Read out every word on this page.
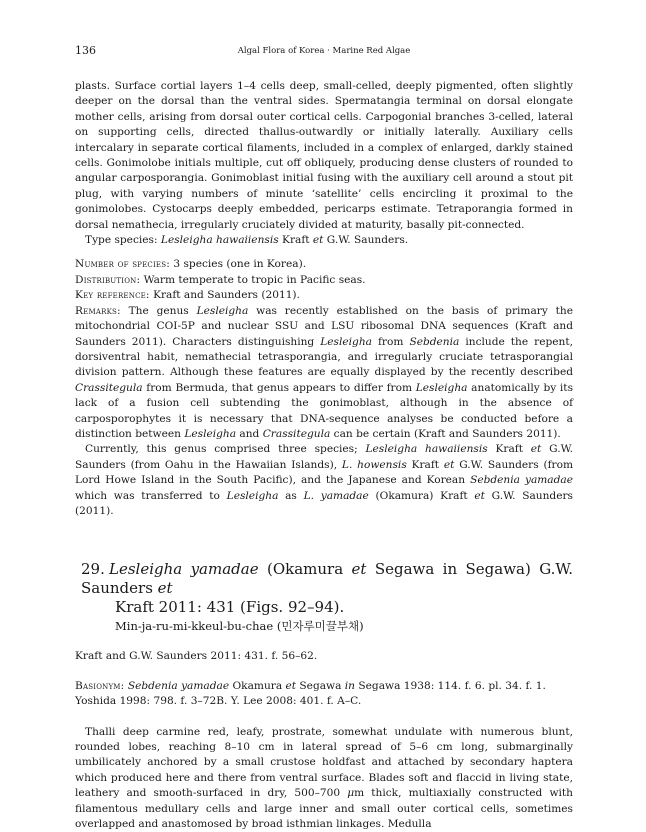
136	Algal Flora of Korea · Marine Red Algae

plasts. Surface cortial layers 1–4 cells deep, small-celled, deeply pigmented, often slightly deeper on the dorsal than the ventral sides. Spermatangia terminal on dorsal elongate mother cells, arising from dorsal outer cortical cells. Carpogonial branches 3-celled, lateral on supporting cells, directed thallus-outwardly or initially laterally. Auxiliary cells intercalary in separate cortical filaments, included in a complex of enlarged, darkly stained cells. Gonimolobe initials multiple, cut off obliquely, producing dense clusters of rounded to angular carposporangia. Gonimoblast initial fusing with the auxiliary cell around a stout pit plug, with varying numbers of minute ‘satellite’ cells encircling it proximal to the gonimolobes. Cystocarps deeply embedded, pericarps estimate. Tetraporangia formed in dorsal nemathecia, irregularly cruciately divided at maturity, basally pit-connected.

Type species: Lesleigha hawaiiensis Kraft et G.W. Saunders.

Number of species: 3 species (one in Korea).

Distribution: Warm temperate to tropic in Pacific seas.

Key reference: Kraft and Saunders (2011).

Remarks: The genus Lesleigha was recently established on the basis of primary the mitochondrial COI-5P and nuclear SSU and LSU ribosomal DNA sequences (Kraft and Saunders 2011). Characters distinguishing Lesleigha from Sebdenia include the repent, dorsiventral habit, nemathecial tetrasporangia, and irregularly cruciate tetrasporangial division pattern. Although these features are equally displayed by the recently described Crassitegula from Bermuda, that genus appears to differ from Lesleigha anatomically by its lack of a fusion cell subtending the gonimoblast, although in the absence of carposporophytes it is necessary that DNA-sequence analyses be conducted before a distinction between Lesleigha and Crassitegula can be certain (Kraft and Saunders 2011).

Currently, this genus comprised three species; Lesleigha hawaiiensis Kraft et G.W. Saunders (from Oahu in the Hawaiian Islands), L. howensis Kraft et G.W. Saunders (from Lord Howe Island in the South Pacific), and the Japanese and Korean Sebdenia yamadae which was transferred to Lesleigha as L. yamadae (Okamura) Kraft et G.W. Saunders (2011).

29. Lesleigha yamadae (Okamura et Segawa in Segawa) G.W. Saunders et
Kraft 2011: 431 (Figs. 92–94).
Min-ja-ru-mi-kkeul-bu-chae (민자루미끌부채)

Kraft and G.W. Saunders 2011: 431. f. 56–62.

Basionym: Sebdenia yamadae Okamura et Segawa in Segawa 1938: 114. f. 6. pl. 34. f. 1.

Yoshida 1998: 798. f. 3–72B. Y. Lee 2008: 401. f. A–C.

Thalli deep carmine red, leafy, prostrate, somewhat undulate with numerous blunt, rounded lobes, reaching 8–10 cm in lateral spread of 5–6 cm long, submarginally umbilicately anchored by a small crustose holdfast and attached by secondary haptera which produced here and there from ventral surface. Blades soft and flaccid in living state, leathery and smooth-surfaced in dry, 500–700 μm thick, multiaxially constructed with filamentous medullary cells and large inner and small outer cortical cells, sometimes overlapped and anastomosed by broad isthmian linkages. Medulla
